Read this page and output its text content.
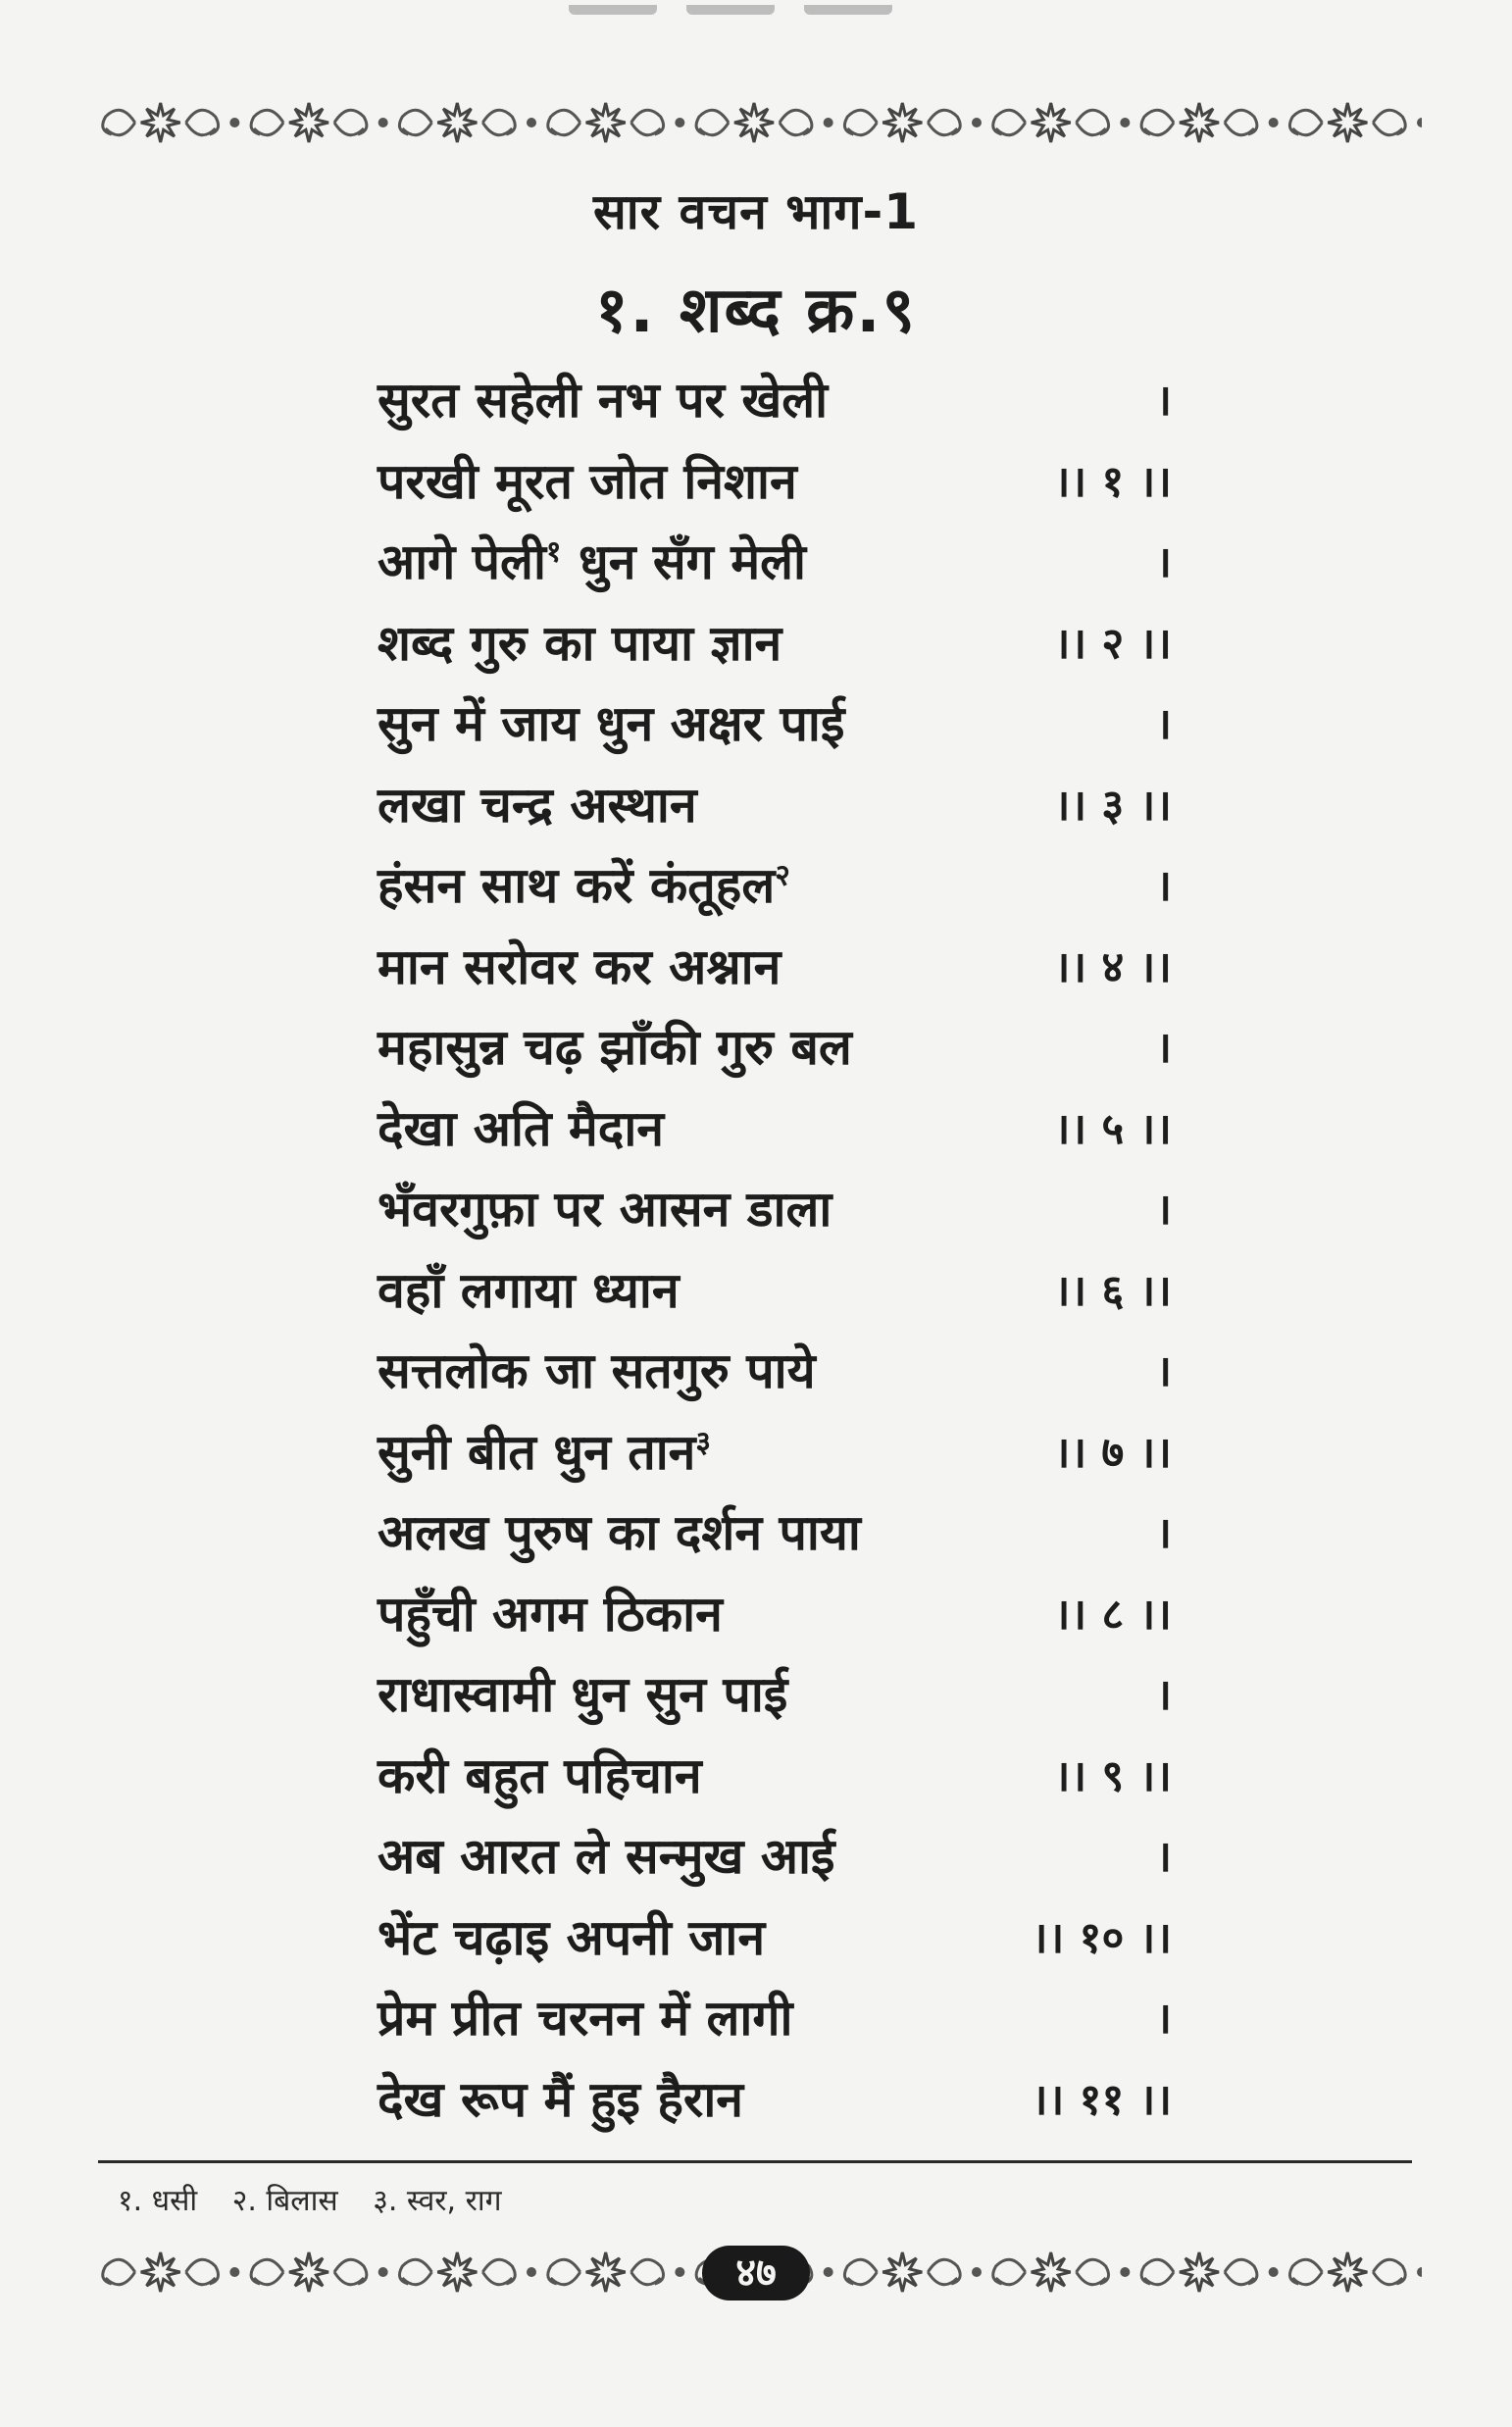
सार वचन भाग-1
१. शब्द क्र.९
सुरत सहेली नभ पर खेली	।
परखी मूरत जोत निशान	।। १ ।।
आगे पेली$^१$ धुन सँग मेली	।
शब्द गुरु का पाया ज्ञान	।। २ ।।
सुन में जाय धुन अक्षर पाई	।
लखा चन्द्र अस्थान	।। ३ ।।
हंसन साथ करें कंतूहल$^२$	।
मान सरोवर कर अश्नान	।। ४ ।।
महासुन्न चढ़ झाँकी गुरु बल	।
देखा अति मैदान	।। ५ ।।
भँवरगुफ़ा पर आसन डाला	।
वहाँ लगाया ध्यान	।। ६ ।।
सत्तलोक जा सतगुरु पाये	।
सुनी बीत धुन तान$^३$	।। ७ ।।
अलख पुरुष का दर्शन पाया	।
पहुँची अगम ठिकान	।। ८ ।।
राधास्वामी धुन सुन पाई	।
करी बहुत पहिचान	।। ९ ।।
अब आरत ले सन्मुख आई	।
भेंट चढ़ाइ अपनी जान	।। १० ।।
प्रेम प्रीत चरनन में लागी	।
देख रूप मैं हुइ हैरान	।। ११ ।।
१. धसी २. बिलास ३. स्वर, राग
४७
